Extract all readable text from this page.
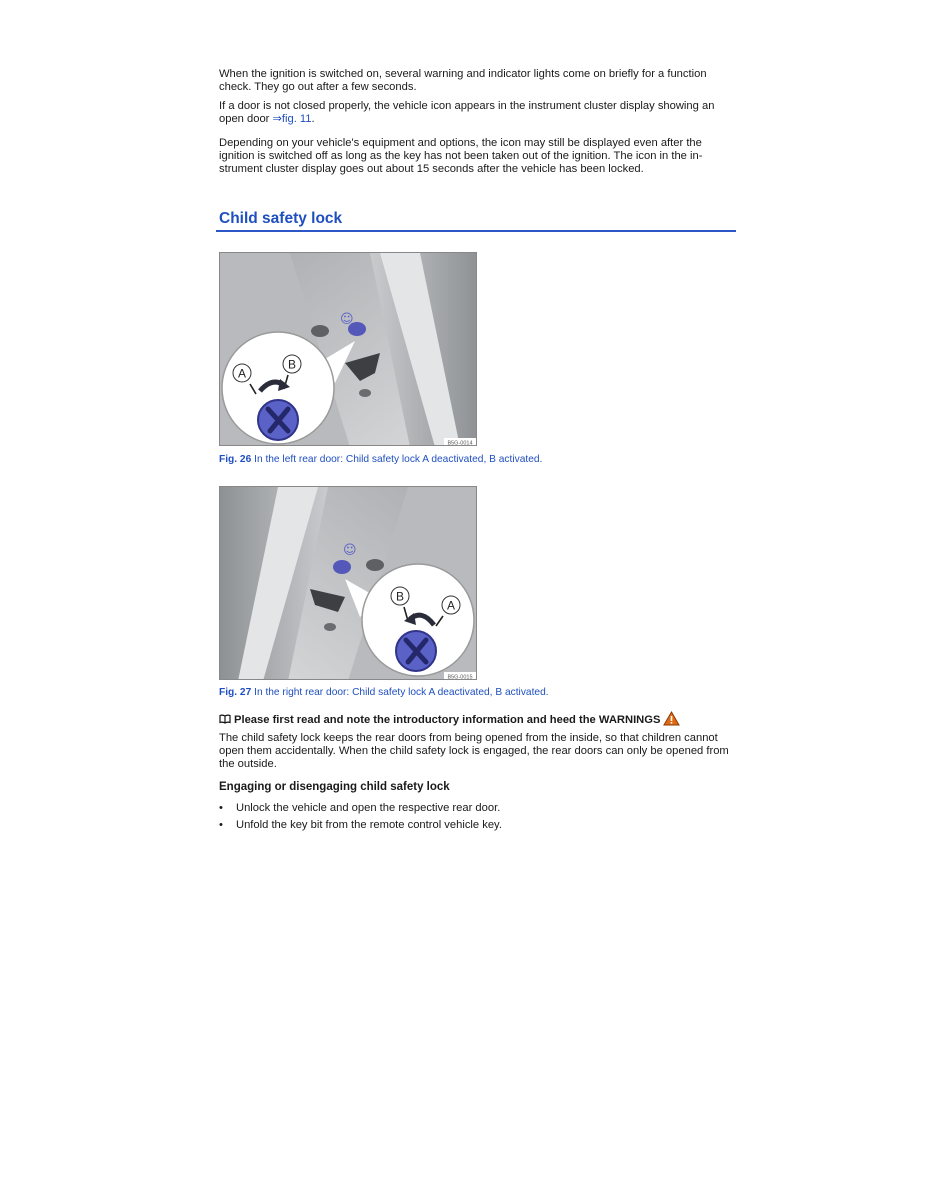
When the ignition is switched on, several warning and indicator lights come on briefly for a function check. They go out after a few seconds.
If a door is not closed properly, the vehicle icon appears in the instrument cluster display showing an open door ⇒fig. 11.
Depending on your vehicle's equipment and options, the icon may still be displayed even after the ignition is switched off as long as the key has not been taken out of the ignition. The icon in the in-strument cluster display goes out about 15 seconds after the vehicle has been locked.
Child safety lock
☺
A
B
B5G-0014
Fig. 26 In the left rear door: Child safety lock A deactivated, B activated.
☺
B
A
B5G-0015
Fig. 27 In the right rear door: Child safety lock A deactivated, B activated.
Please first read and note the introductory information and heed the WARNINGS
The child safety lock keeps the rear doors from being opened from the inside, so that children cannot open them accidentally. When the child safety lock is engaged, the rear doors can only be opened from the outside.
Engaging or disengaging child safety lock
•	Unlock the vehicle and open the respective rear door.
•	Unfold the key bit from the remote control vehicle key.
